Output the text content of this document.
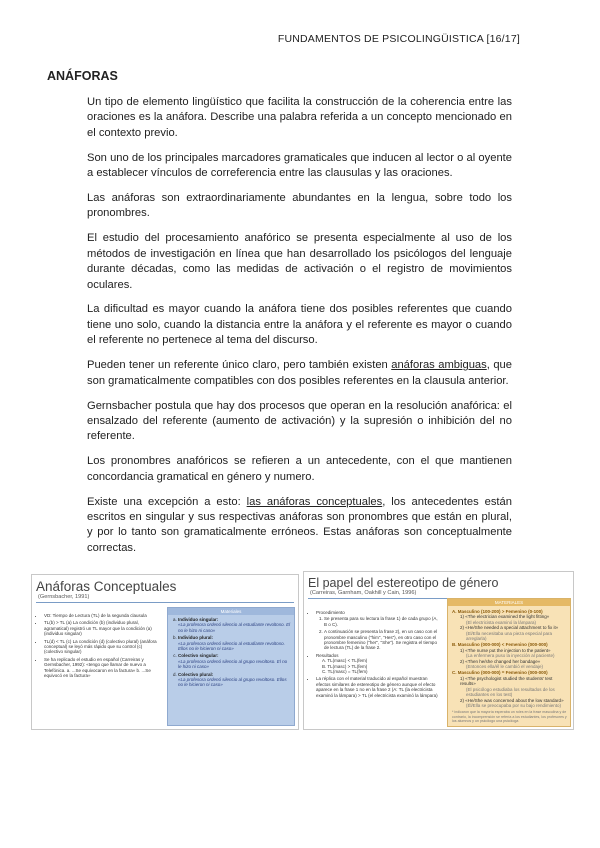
FUNDAMENTOS DE PSICOLINGÜISTICA [16/17]
ANÁFORAS

Un tipo de elemento lingüístico que facilita la construcción de la coherencia entre las oraciones es la anáfora. Describe una palabra referida a un concepto mencionado en el contexto previo.

Son uno de los principales marcadores gramaticales que inducen al lector o al oyente a establecer vínculos de correferencia entre las clausulas y las oraciones.

Las anáforas son extraordinariamente abundantes en la lengua, sobre todo los pronombres.

El estudio del procesamiento anafórico se presenta especialmente al uso de los métodos de investigación en línea que han desarrollado los psicólogos del lenguaje durante décadas, como las medidas de activación o el registro de movimientos oculares.

La dificultad es mayor cuando la anáfora tiene dos posibles referentes que cuando tiene uno solo, cuando la distancia entre la anáfora y el referente es mayor o cuando el referente no pertenece al tema del discurso.

Pueden tener un referente único claro, pero también existen anáforas ambiguas, que son gramaticalmente compatibles con dos posibles referentes en la clausula anterior.

Gernsbacher postula que hay dos procesos que operan en la resolución anafórica: el ensalzado del referente (aumento de activación) y la supresión o inhibición del no referente.

Los pronombres anafóricos se refieren a un antecedente, con el que mantienen concordancia gramatical en género y numero.

Existe una excepción a esto: las anáforas conceptuales, los antecedentes están escritos en singular y sus respectivas anáforas son pronombres que están en plural, y por lo tanto son gramaticalmente erróneos. Estas anáforas son conceptualmente correctas.

Anáforas Conceptuales
(Gernsbacher, 1991)
• VD: Tiempo de Lectura (TL) de la segunda clausula
• TL(b) > TL (a) La condición (b) (individuo plural, agramatical) registró un TL mayor que la condición (a) (individuo singular)
• TL(d) < TL (c) La condición (d) (colectivo plural) (anáfora conceptual) se leyó más rápido que su control (c) (colectivo singular)
• Se ha replicado el estudio en español (Carreiras y Gernsbacher, 1992): «tengo que llamar de nuevo a Telefónica. a. ...Se equivocaron en la factura» b. ...Se equivocó en la factura»
Materiales
a. Individuo singular:
«La profesora ordenó silencio al estudiante revoltoso. El no le hizo ni caso»
b. Individuo plural:
«La profesora ordenó silencio al estudiante revoltoso. Ellos no le hicieron ni caso»
c. Colectivo singular:
«La profesora ordenó silencio al grupo revoltoso. El no le hizo ni caso»
d. Colectivo plural:
«La profesora ordenó silencio al grupo revoltoso. Ellos no le hicieron ni caso»
El papel del estereotipo de género
(Carreiras, Garnham, Oakhill y Cain, 1996)
• Procedimiento
1. Se presenta para su lectura la frase 1) de cada grupo (A, B o C).
2. A continuación se presenta la frase 2), en un caso con el pronombre masculino ("him", "Hes"), en otro caso con el pronombre femenino ("her", "She"). Se registra el tiempo de lectura (TL) de la frase 2.
• Resultados
A. TL(masc) < TL(fem)
B. TL(masc) > TL(fem)
C. TL(masc) = TL(fem)
• La réplica con el material traducido al español muestran efectos similares de estereotipo de género aunque el efecto aparece en la frase 1 no en la frase 2 (A: TL (la electricista examinó la lámpara) > TL (el electricista examinó la lámpara)
MATERIALES
A. Masculino (100-200) > Femenino (0-100)
1) «The electrician examined the light fitting»
(El electricista examinó la lámpara)
2) «He/She needed a special attachment to fix it»
(El/Ella necesitaba una pieza especial para arreglarla)
B. Masculino (000-000) < Femenino (000-000)
1) «The nurse put the injection to the patient»
(La enfermera puso la inyección al paciente)
2) «Then he/she changed her bandage»
(Entonces ella/él le cambió el vendaje)
C. Masculino (000-000) = Femenino (000-000)
1) «The psychologist studied the students' test results»
(El psicólogo estudiaba los resultados de los estudiantes en los test)
2) «He/She was concerned about the low standard»
(Él/Ella se preocupaba por su bajo rendimiento)
* indicaron que la mayoría esperaba un roles en la frase masculina y de contrario, la incomprensión se refería a los estudiantes, los profesores y los alumnos y un psicólogo una psicóloga
